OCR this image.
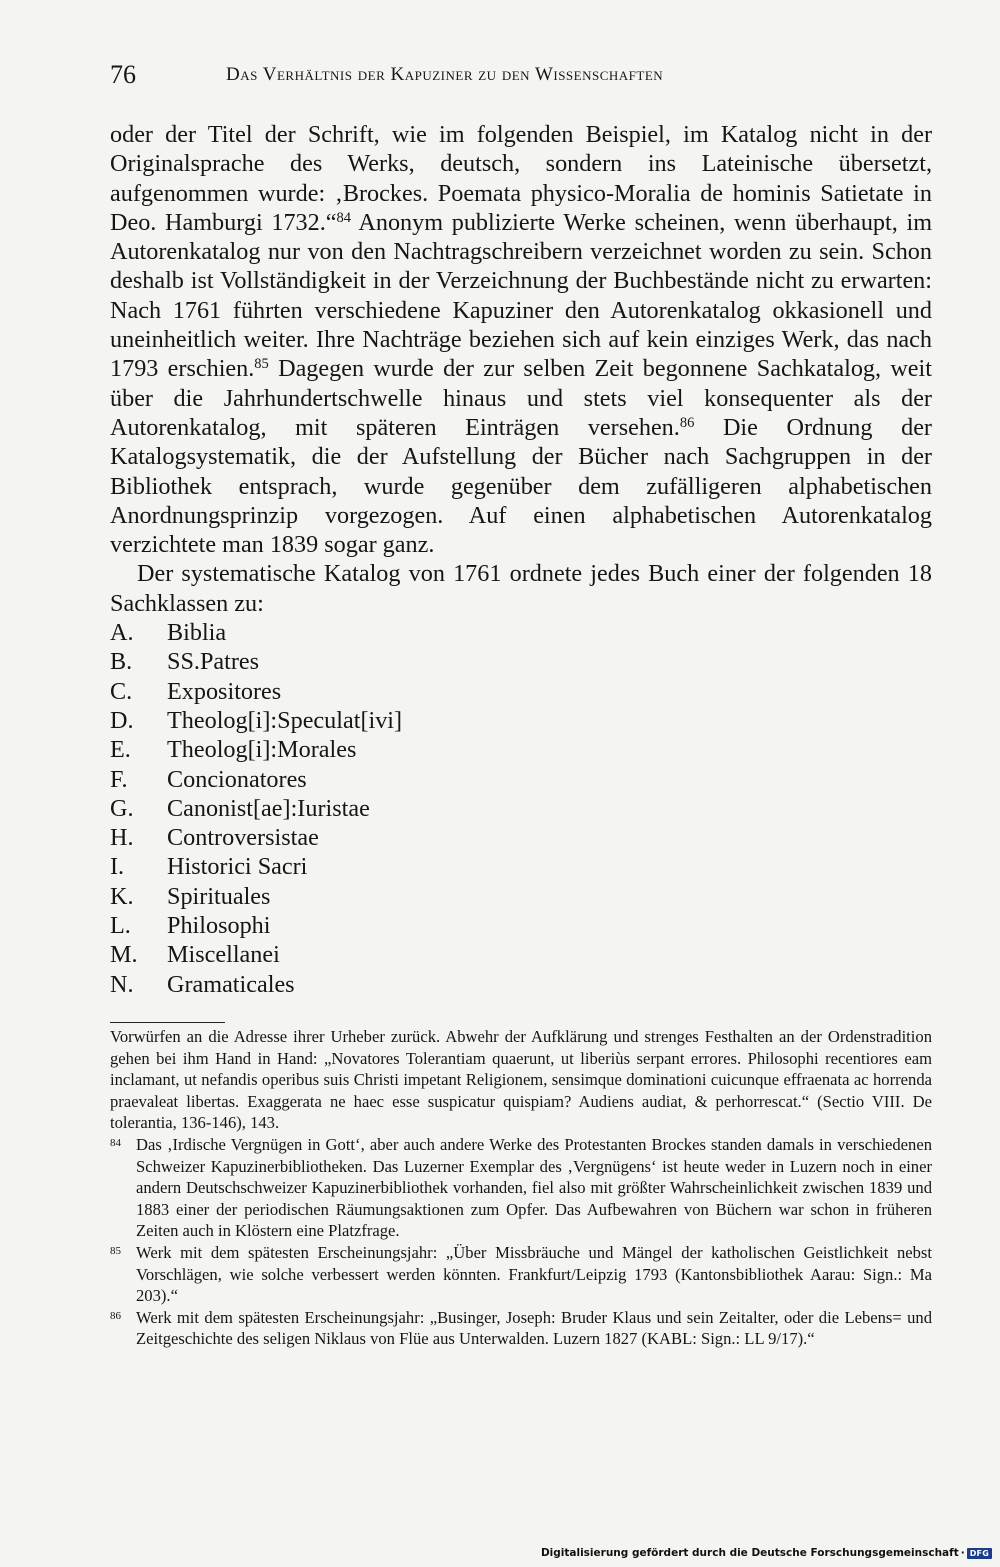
76	Das Verhältnis der Kapuziner zu den Wissenschaften

oder der Titel der Schrift, wie im folgenden Beispiel, im Katalog nicht in der Originalsprache des Werks, deutsch, sondern ins Lateinische übersetzt, aufgenommen wurde: ‚Brockes. Poemata physico-Moralia de hominis Satietate in Deo. Hamburgi 1732.“$^{84}$ Anonym publizierte Werke scheinen, wenn überhaupt, im Autorenkatalog nur von den Nachtragschreibern verzeichnet worden zu sein. Schon deshalb ist Vollständigkeit in der Verzeichnung der Buchbestände nicht zu erwarten: Nach 1761 führten verschiedene Kapuziner den Autorenkatalog okkasionell und uneinheitlich weiter. Ihre Nachträge beziehen sich auf kein einziges Werk, das nach 1793 erschien.$^{85}$ Dagegen wurde der zur selben Zeit begonnene Sachkatalog, weit über die Jahrhundertschwelle hinaus und stets viel konsequenter als der Autorenkatalog, mit späteren Einträgen versehen.$^{86}$ Die Ordnung der Katalogsystematik, die der Aufstellung der Bücher nach Sachgruppen in der Bibliothek entsprach, wurde gegenüber dem zufälligeren alphabetischen Anordnungsprinzip vorgezogen. Auf einen alphabetischen Autorenkatalog verzichtete man 1839 sogar ganz.

Der systematische Katalog von 1761 ordnete jedes Buch einer der folgenden 18 Sachklassen zu:

A.	Biblia
B.	SS.Patres
C.	Expositores
D.	Theolog[i]:Speculat[ivi]
E.	Theolog[i]:Morales
F.	Concionatores
G.	Canonist[ae]:Iuristae
H.	Controversistae
I.	Historici Sacri
K.	Spirituales
L.	Philosophi
M.	Miscellanei
N.	Gramaticales
Vorwürfen an die Adresse ihrer Urheber zurück. Abwehr der Aufklärung und strenges Festhalten an der Ordenstradition gehen bei ihm Hand in Hand: „Novatores Tolerantiam quaerunt, ut liberiùs serpant errores. Philosophi recentiores eam inclamant, ut nefandis operibus suis Christi impetant Religionem, sensimque dominationi cuicunque effraenata ac horrenda praevaleat libertas. Exaggerata ne haec esse suspicatur quispiam? Audiens audiat, & perhorrescat.“ (Sectio VIII. De tolerantia, 136-146), 143.
84 Das ‚Irdische Vergnügen in Gott‘, aber auch andere Werke des Protestanten Brockes standen damals in verschiedenen Schweizer Kapuzinerbibliotheken. Das Luzerner Exemplar des ‚Vergnügens‘ ist heute weder in Luzern noch in einer andern Deutschschweizer Kapuzinerbibliothek vorhanden, fiel also mit größter Wahrscheinlichkeit zwischen 1839 und 1883 einer der periodischen Räumungsaktionen zum Opfer. Das Aufbewahren von Büchern war schon in früheren Zeiten auch in Klöstern eine Platzfrage.
85 Werk mit dem spätesten Erscheinungsjahr: „Über Missbräuche und Mängel der katholischen Geistlichkeit nebst Vorschlägen, wie solche verbessert werden könnten. Frankfurt/Leipzig 1793 (Kantonsbibliothek Aarau: Sign.: Ma 203).“
86 Werk mit dem spätesten Erscheinungsjahr: „Businger, Joseph: Bruder Klaus und sein Zeitalter, oder die Lebens= und Zeitgeschichte des seligen Niklaus von Flüe aus Unterwalden. Luzern 1827 (KABL: Sign.: LL 9/17).“
Digitalisierung gefördert durch die Deutsche Forschungsgemeinschaft · DFG
